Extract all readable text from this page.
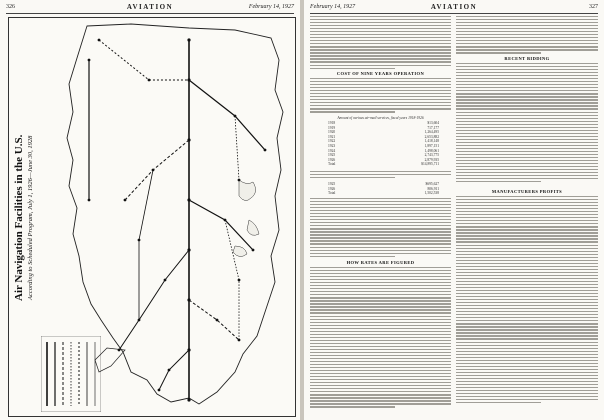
326	AVIATION	February 14, 1927
Air Navigation Facilities in the U.S. According to Scheduled Program, July 1, 1926—June 30, 1928
February 14, 1927	AVIATION	327
COST OF NINE YEARS OPERATION
Amount of various air-mail services, fiscal years 1918-1926
1918	$13,604
1919	717,177
1920	1,264,495
1921	2,653,882
1922	1,418,148
1923	1,897,151
1924	1,498,061
1925	2,743,775
1926	2,879,935
Total	$14,895,711
1925	$695,627
1926	806,911
Total	1,502,538
HOW RATES ARE FIGURED
RECENT BIDDING
MANUFACTURERS PROFITS
